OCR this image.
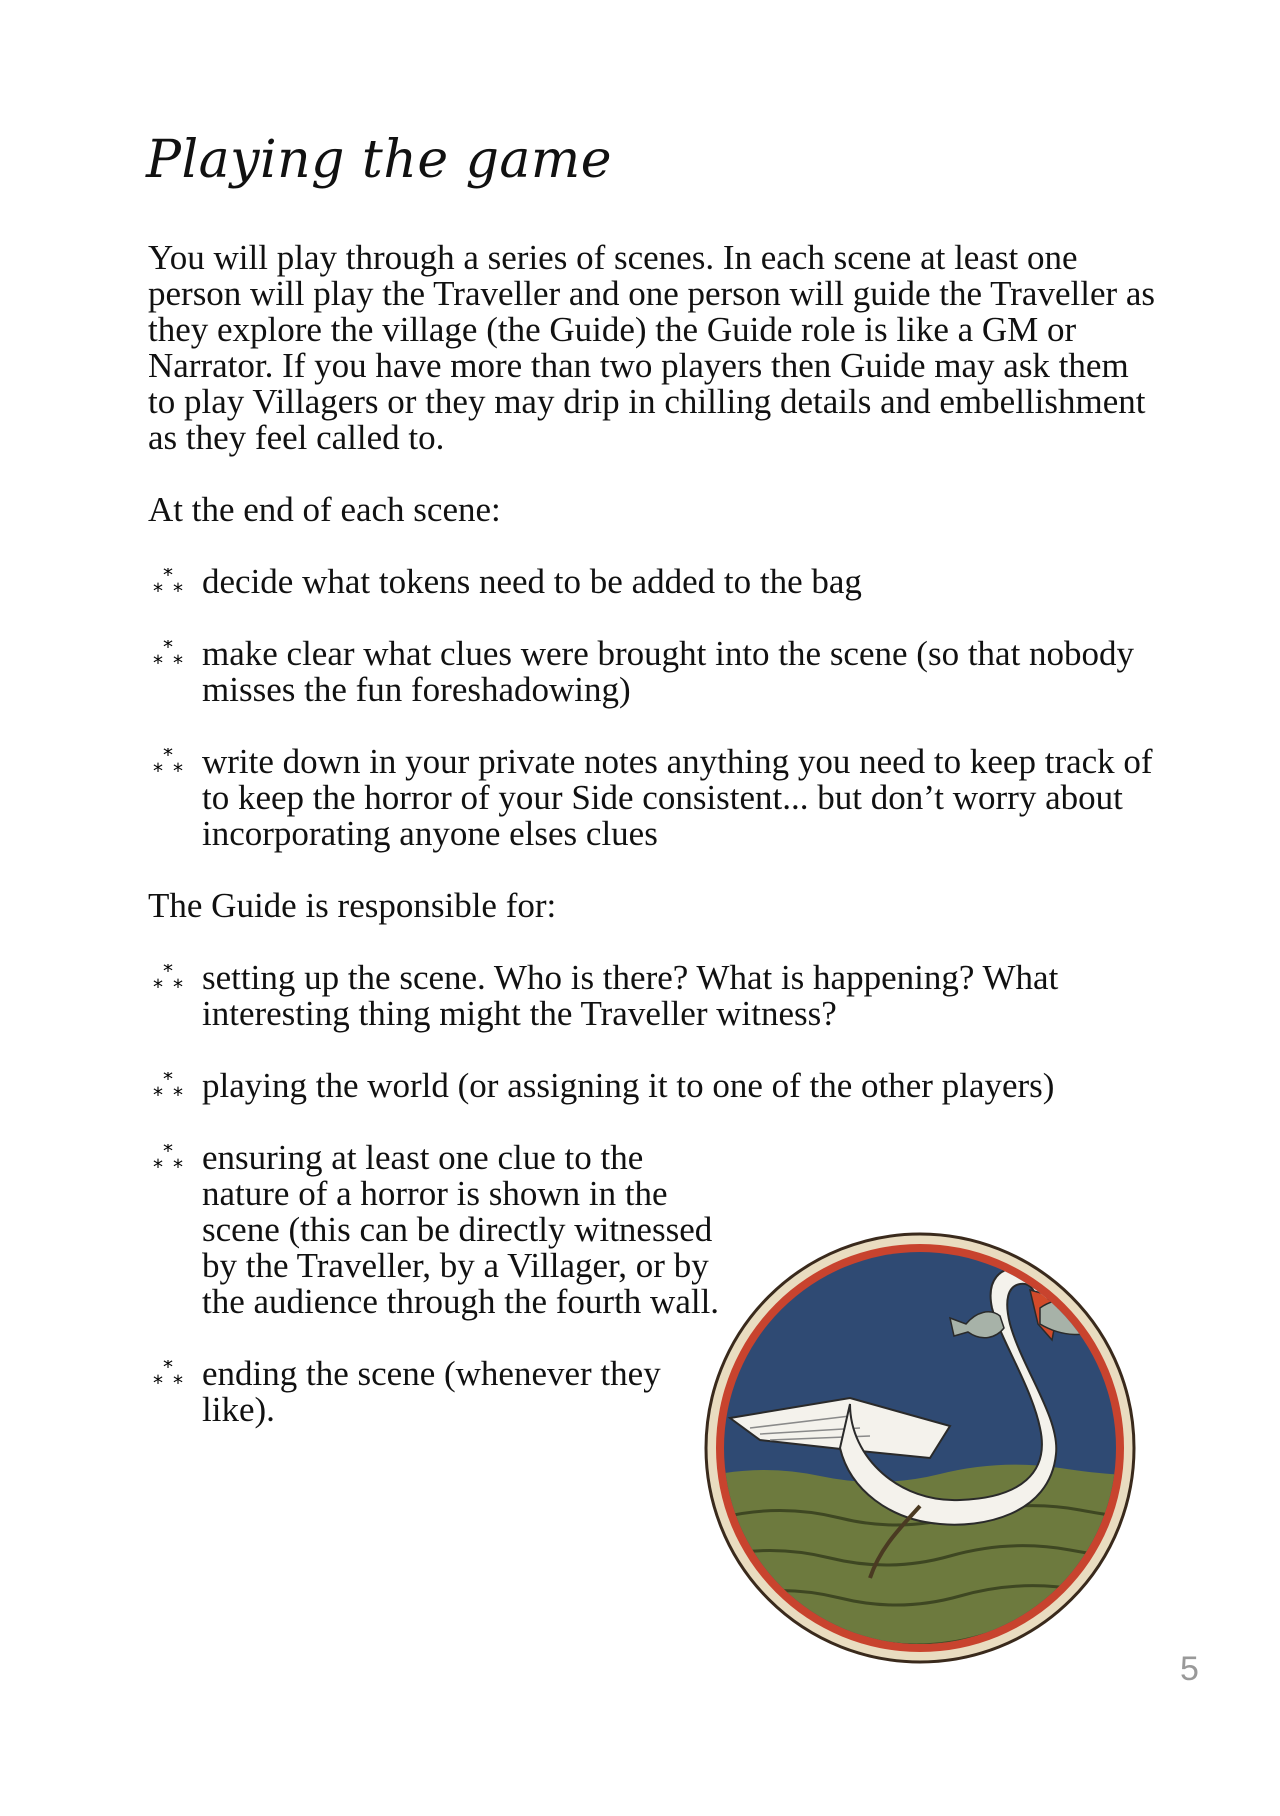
Playing the game

You will play through a series of scenes. In each scene at least one person will play the Traveller and one person will guide the Traveller as they explore the village (the Guide) the Guide role is like a GM or Narrator. If you have more than two players then Guide may ask them to play Villagers or they may drip in chilling details and embellishment as they feel called to.

At the end of each scene:

*
* * decide what tokens need to be added to the bag
*
* * make clear what clues were brought into the scene (so that nobody misses the fun foreshadowing)
*
* * write down in your private notes anything you need to keep track of to keep the horror of your Side consistent... but don’t worry about incorporating anyone elses clues

The Guide is responsible for:

*
* * setting up the scene. Who is there? What is happening? What interesting thing might the Traveller witness?
*
* * playing the world (or assigning it to one of the other players)
*
* * ensuring at least one clue to the nature of a horror is shown in the scene (this can be directly witnessed by the Traveller, by a Villager, or by the audience through the fourth wall.
*
* * ending the scene (whenever they like).
5
